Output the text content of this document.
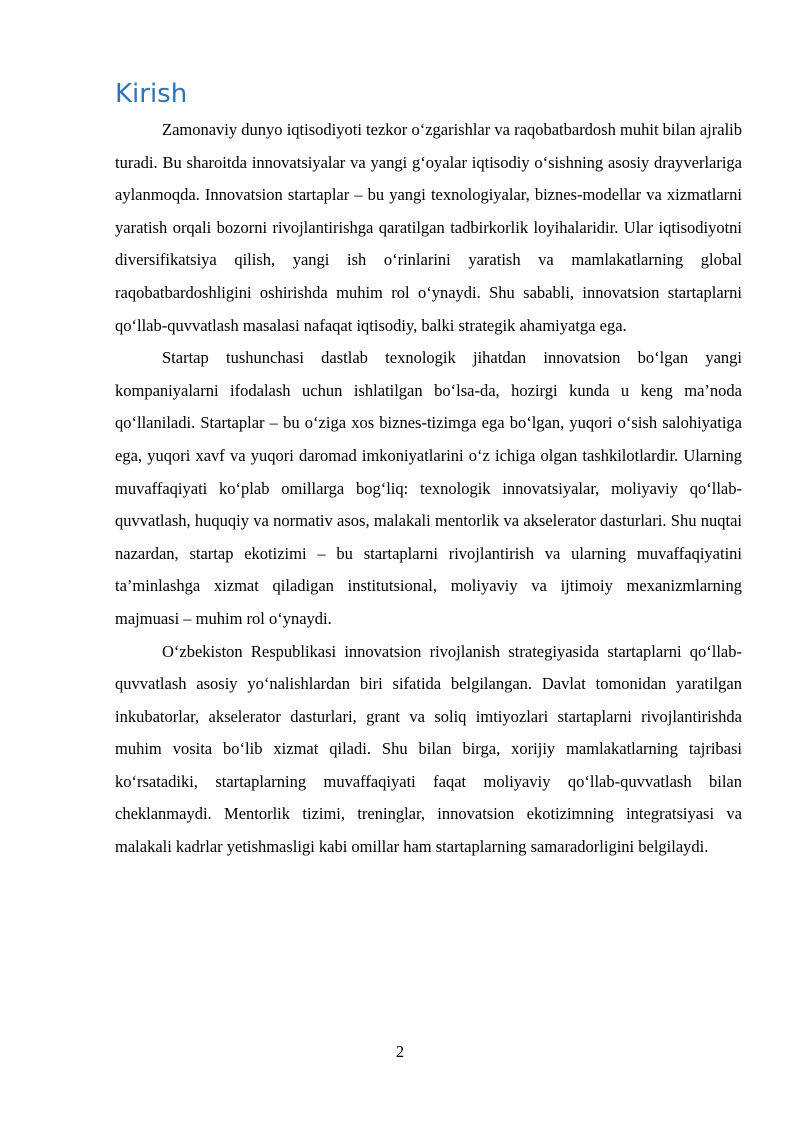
Kirish

Zamonaviy dunyo iqtisodiyoti tezkor o‘zgarishlar va raqobatbardosh muhit bilan ajralib turadi. Bu sharoitda innovatsiyalar va yangi g‘oyalar iqtisodiy o‘sishning asosiy drayverlariga aylanmoqda. Innovatsion startaplar – bu yangi texnologiyalar, biznes-modellar va xizmatlarni yaratish orqali bozorni rivojlantirishga qaratilgan tadbirkorlik loyihalaridir. Ular iqtisodiyotni diversifikatsiya qilish, yangi ish o‘rinlarini yaratish va mamlakatlarning global raqobatbardoshligini oshirishda muhim rol o‘ynaydi. Shu sababli, innovatsion startaplarni qo‘llab-quvvatlash masalasi nafaqat iqtisodiy, balki strategik ahamiyatga ega.

Startap tushunchasi dastlab texnologik jihatdan innovatsion bo‘lgan yangi kompaniyalarni ifodalash uchun ishlatilgan bo‘lsa-da, hozirgi kunda u keng ma’noda qo‘llaniladi. Startaplar – bu o‘ziga xos biznes-tizimga ega bo‘lgan, yuqori o‘sish salohiyatiga ega, yuqori xavf va yuqori daromad imkoniyatlarini o‘z ichiga olgan tashkilotlardir. Ularning muvaffaqiyati ko‘plab omillarga bog‘liq: texnologik innovatsiyalar, moliyaviy qo‘llab-quvvatlash, huquqiy va normativ asos, malakali mentorlik va akselerator dasturlari. Shu nuqtai nazardan, startap ekotizimi – bu startaplarni rivojlantirish va ularning muvaffaqiyatini ta’minlashga xizmat qiladigan institutsional, moliyaviy va ijtimoiy mexanizmlarning majmuasi – muhim rol o‘ynaydi.

O‘zbekiston Respublikasi innovatsion rivojlanish strategiyasida startaplarni qo‘llab-quvvatlash asosiy yo‘nalishlardan biri sifatida belgilangan. Davlat tomonidan yaratilgan inkubatorlar, akselerator dasturlari, grant va soliq imtiyozlari startaplarni rivojlantirishda muhim vosita bo‘lib xizmat qiladi. Shu bilan birga, xorijiy mamlakatlarning tajribasi ko‘rsatadiki, startaplarning muvaffaqiyati faqat moliyaviy qo‘llab-quvvatlash bilan cheklanmaydi. Mentorlik tizimi, treninglar, innovatsion ekotizimning integratsiyasi va malakali kadrlar yetishmasligi kabi omillar ham startaplarning samaradorligini belgilaydi.

2
